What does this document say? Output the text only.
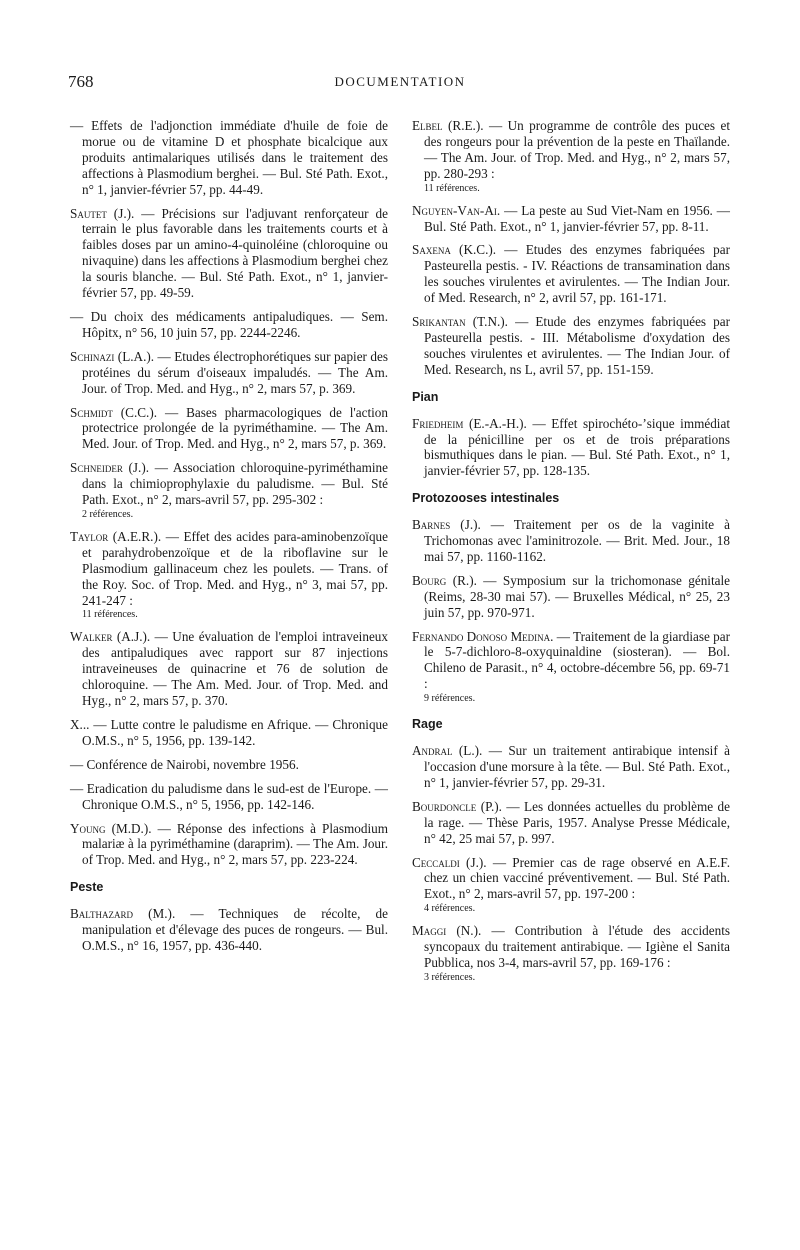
768	DOCUMENTATION

— Effets de l'adjonction immédiate d'huile de foie de morue ou de vitamine D et phosphate bicalcique aux produits antimalariques utilisés dans le traitement des affections à Plasmodium berghei. — Bul. Sté Path. Exot., n° 1, janvier-février 57, pp. 44-49.

Sautet (J.). — Précisions sur l'adjuvant renforçateur de terrain le plus favorable dans les traitements courts et à faibles doses par un amino-4-quinoléine (chloroquine ou nivaquine) dans les affections à Plasmodium berghei chez la souris blanche. — Bul. Sté Path. Exot., n° 1, janvier-février 57, pp. 49-59.

— Du choix des médicaments antipaludiques. — Sem. Hôpitx, n° 56, 10 juin 57, pp. 2244-2246.

Schinazi (L.A.). — Etudes électrophorétiques sur papier des protéines du sérum d'oiseaux impaludés. — The Am. Jour. of Trop. Med. and Hyg., n° 2, mars 57, p. 369.

Schmidt (C.C.). — Bases pharmacologiques de l'action protectrice prolongée de la pyriméthamine. — The Am. Med. Jour. of Trop. Med. and Hyg., n° 2, mars 57, p. 369.

Schneider (J.). — Association chloroquine-pyriméthamine dans la chimioprophylaxie du paludisme. — Bul. Sté Path. Exot., n° 2, mars-avril 57, pp. 295-302 :
2 références.

Taylor (A.E.R.). — Effet des acides para-aminobenzoïque et parahydrobenzoïque et de la riboflavine sur le Plasmodium gallinaceum chez les poulets. — Trans. of the Roy. Soc. of Trop. Med. and Hyg., n° 3, mai 57, pp. 241-247 :
11 références.

Walker (A.J.). — Une évaluation de l'emploi intraveineux des antipaludiques avec rapport sur 87 injections intraveineuses de quinacrine et 76 de solution de chloroquine. — The Am. Med. Jour. of Trop. Med. and Hyg., n° 2, mars 57, p. 370.

X... — Lutte contre le paludisme en Afrique. — Chronique O.M.S., n° 5, 1956, pp. 139-142.

— Conférence de Nairobi, novembre 1956.

— Eradication du paludisme dans le sud-est de l'Europe. — Chronique O.M.S., n° 5, 1956, pp. 142-146.

Young (M.D.). — Réponse des infections à Plasmodium malariæ à la pyriméthamine (daraprim). — The Am. Jour. of Trop. Med. and Hyg., n° 2, mars 57, pp. 223-224.

Peste

Balthazard (M.). — Techniques de récolte, de manipulation et d'élevage des puces de rongeurs. — Bul. O.M.S., n° 16, 1957, pp. 436-440.

Elbel (R.E.). — Un programme de contrôle des puces et des rongeurs pour la prévention de la peste en Thaïlande. — The Am. Jour. of Trop. Med. and Hyg., n° 2, mars 57, pp. 280-293 :
11 références.

Nguyen-Van-Ai. — La peste au Sud Viet-Nam en 1956. — Bul. Sté Path. Exot., n° 1, janvier-février 57, pp. 8-11.

Saxena (K.C.). — Etudes des enzymes fabriquées par Pasteurella pestis. - IV. Réactions de transamination dans les souches virulentes et avirulentes. — The Indian Jour. of Med. Research, n° 2, avril 57, pp. 161-171.

Srikantan (T.N.). — Etude des enzymes fabriquées par Pasteurella pestis. - III. Métabolisme d'oxydation des souches virulentes et avirulentes. — The Indian Jour. of Med. Research, ns L, avril 57, pp. 151-159.

Pian

Friedheim (E.-A.-H.). — Effet spirochéto-ʼsique immédiat de la pénicilline per os et de trois préparations bismuthiques dans le pian. — Bul. Sté Path. Exot., n° 1, janvier-février 57, pp. 128-135.

Protozooses intestinales

Barnes (J.). — Traitement per os de la vaginite à Trichomonas avec l'aminitrozole. — Brit. Med. Jour., 18 mai 57, pp. 1160-1162.

Bourg (R.). — Symposium sur la trichomonase génitale (Reims, 28-30 mai 57). — Bruxelles Médical, n° 25, 23 juin 57, pp. 970-971.

Fernando Donoso Medina. — Traitement de la giardiase par le 5-7-dichloro-8-oxyquinaldine (siosteran). — Bol. Chileno de Parasit., n° 4, octobre-décembre 56, pp. 69-71 :
9 références.

Rage

Andral (L.). — Sur un traitement antirabique intensif à l'occasion d'une morsure à la tête. — Bul. Sté Path. Exot., n° 1, janvier-février 57, pp. 29-31.

Bourdoncle (P.). — Les données actuelles du problème de la rage. — Thèse Paris, 1957. Analyse Presse Médicale, n° 42, 25 mai 57, p. 997.

Ceccaldi (J.). — Premier cas de rage observé en A.E.F. chez un chien vacciné préventivement. — Bul. Sté Path. Exot., n° 2, mars-avril 57, pp. 197-200 :
4 références.

Maggi (N.). — Contribution à l'étude des accidents syncopaux du traitement antirabique. — Igiène el Sanita Pubblica, nos 3-4, mars-avril 57, pp. 169-176 :
3 références.
